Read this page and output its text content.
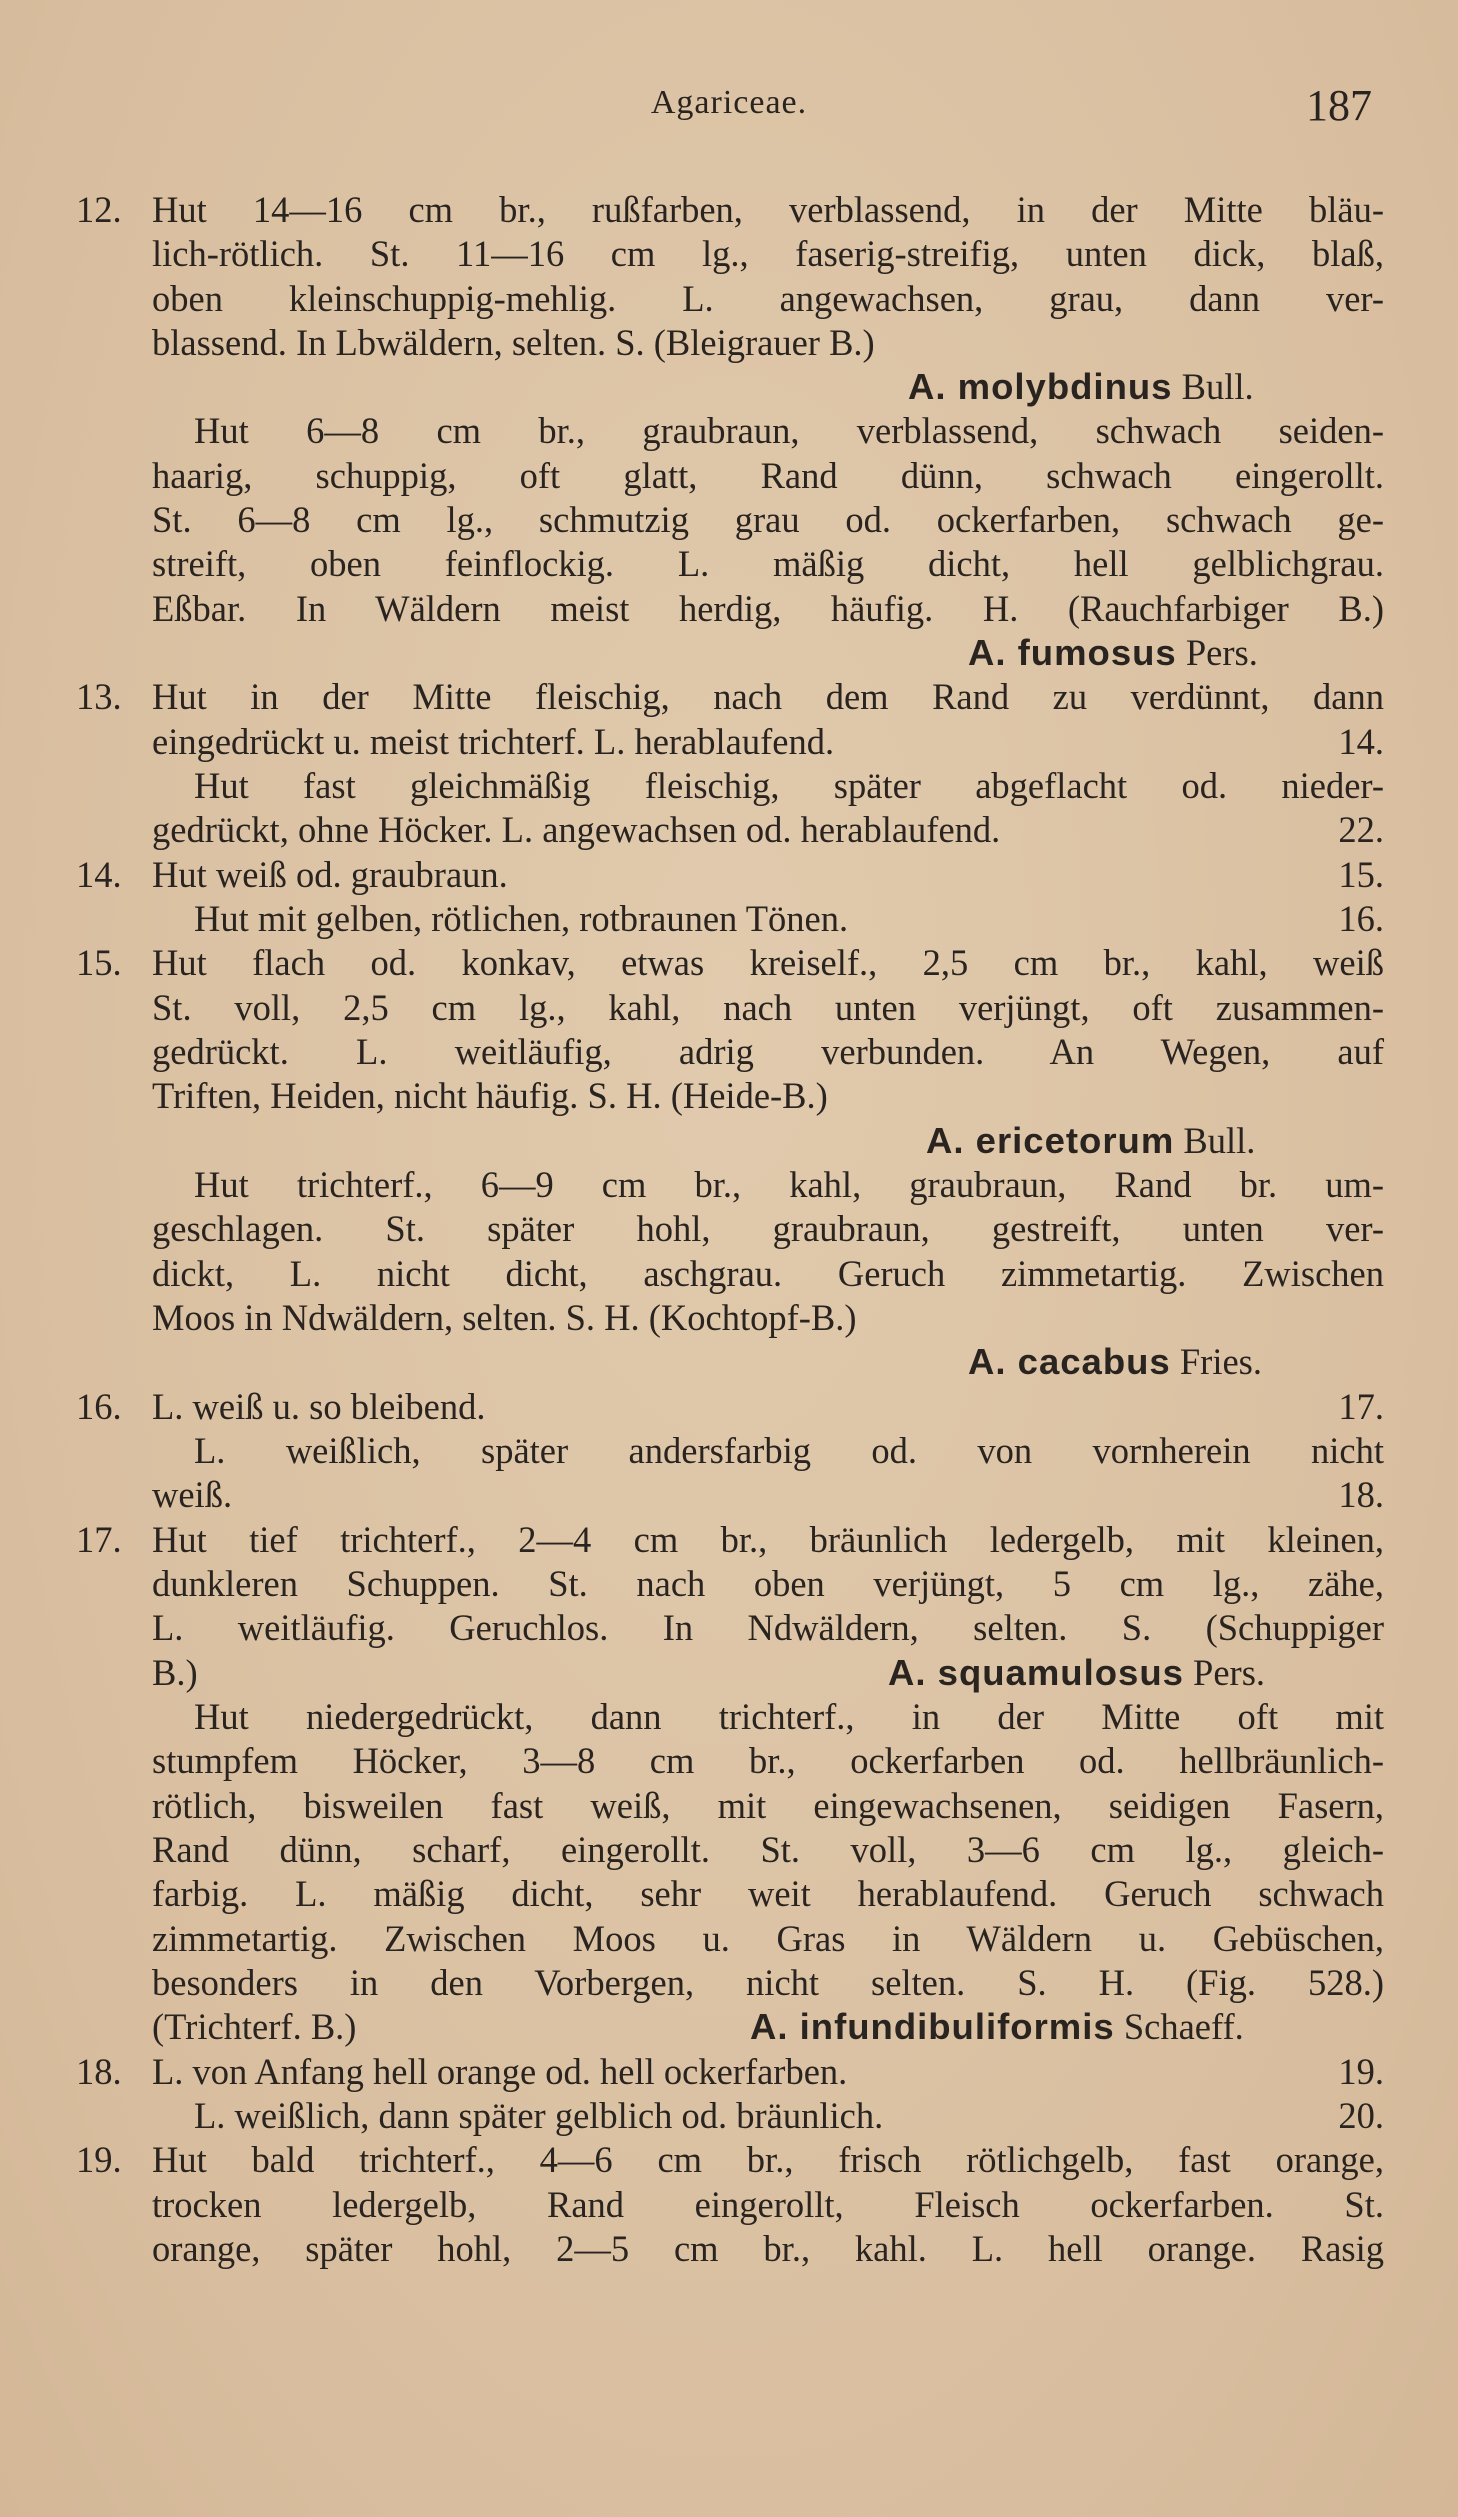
Agariceae.	187
12. Hut 14—16 cm br., rußfarben, verblassend, in der Mitte bläu-
lich-rötlich. St. 11—16 cm lg., faserig-streifig, unten dick, blaß,
oben kleinschuppig-mehlig. L. angewachsen, grau, dann ver-
blassend. In Lbwäldern, selten. S. (Bleigrauer B.)
A. molybdinus Bull.
Hut 6—8 cm br., graubraun, verblassend, schwach seiden-
haarig, schuppig, oft glatt, Rand dünn, schwach eingerollt.
St. 6—8 cm lg., schmutzig grau od. ockerfarben, schwach ge-
streift, oben feinflockig. L. mäßig dicht, hell gelblichgrau.
Eßbar. In Wäldern meist herdig, häufig. H. (Rauchfarbiger B.)
A. fumosus Pers.
13. Hut in der Mitte fleischig, nach dem Rand zu verdünnt, dann
eingedrückt u. meist trichterf. L. herablaufend.	14.
Hut fast gleichmäßig fleischig, später abgeflacht od. nieder-
gedrückt, ohne Höcker. L. angewachsen od. herablaufend.	22.
14. Hut weiß od. graubraun.	15.
Hut mit gelben, rötlichen, rotbraunen Tönen.	16.
15. Hut flach od. konkav, etwas kreiself., 2,5 cm br., kahl, weiß
St. voll, 2,5 cm lg., kahl, nach unten verjüngt, oft zusammen-
gedrückt. L. weitläufig, adrig verbunden. An Wegen, auf
Triften, Heiden, nicht häufig. S. H. (Heide-B.)
A. ericetorum Bull.
Hut trichterf., 6—9 cm br., kahl, graubraun, Rand br. um-
geschlagen. St. später hohl, graubraun, gestreift, unten ver-
dickt, L. nicht dicht, aschgrau. Geruch zimmetartig. Zwischen
Moos in Ndwäldern, selten. S. H. (Kochtopf-B.)
A. cacabus Fries.
16. L. weiß u. so bleibend.	17.
L. weißlich, später andersfarbig od. von vornherein nicht
weiß.	18.
17. Hut tief trichterf., 2—4 cm br., bräunlich ledergelb, mit kleinen,
dunkleren Schuppen. St. nach oben verjüngt, 5 cm lg., zähe,
L. weitläufig. Geruchlos. In Ndwäldern, selten. S. (Schuppiger
B.)	A. squamulosus Pers.
Hut niedergedrückt, dann trichterf., in der Mitte oft mit
stumpfem Höcker, 3—8 cm br., ockerfarben od. hellbräunlich-
rötlich, bisweilen fast weiß, mit eingewachsenen, seidigen Fasern,
Rand dünn, scharf, eingerollt. St. voll, 3—6 cm lg., gleich-
farbig. L. mäßig dicht, sehr weit herablaufend. Geruch schwach
zimmetartig. Zwischen Moos u. Gras in Wäldern u. Gebüschen,
besonders in den Vorbergen, nicht selten. S. H. (Fig. 528.)
(Trichterf. B.)	A. infundibuliformis Schaeff.
18. L. von Anfang hell orange od. hell ockerfarben.	19.
L. weißlich, dann später gelblich od. bräunlich.	20.
19. Hut bald trichterf., 4—6 cm br., frisch rötlichgelb, fast orange,
trocken ledergelb, Rand eingerollt, Fleisch ockerfarben. St.
orange, später hohl, 2—5 cm br., kahl. L. hell orange. Rasig
